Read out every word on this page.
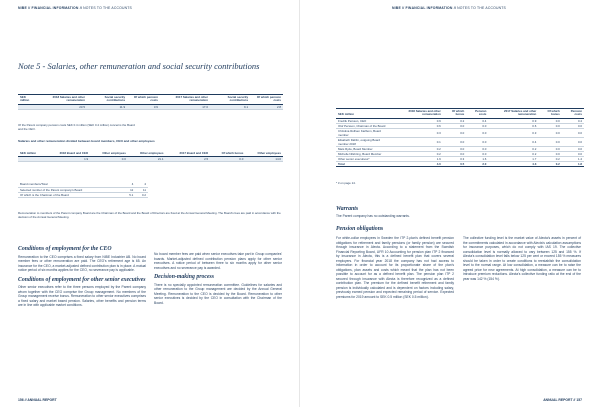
NIBE // FINANCIAL INFORMATION // NOTES TO THE ACCOUNTS
Note 5 - Salaries, other remuneration and social security contributions
SEK million	2018 Salaries and other remuneration	Social security contributions	Of which pension costs	2017 Salaries and other remuneration	Social security contributions	Of which pension costs
	23.5	11.9	3.9	17.0	9.1	2.8
Of the Parent company pension costs SEK 0.4 million (SEK 0.4 million) concerns the Board and the CEO.
Salaries and other remuneration divided between board members, CEO and other employees
SEK million	2018 Board and CEO	Other employees	Other employees	2017 Board and CEO	Of which bonus	Other employees
	1.9	0.0	21.1	2.5	0.0	14.6
Board members/Total	4	4
Selected number of the Parent company's Board	12	11
Of which is the Chairman of the Board	5.1	0.2
Remuneration to members of the Parent company Board are the Chairman of the Board and the Board of Directors are fixed at the Annual General Meeting. The Board's fees are paid in accordance with the decision of the Annual General Meeting.
Conditions of employment for the CEO

Remuneration to the CEO comprises a fixed salary from NIBE Industrier AB. No board member fees or other remuneration are paid. The CEO's retirement age is 65. An insurance for the CEO, a market-adjusted defined contribution plan is in place. A mutual notice period of six months applies for the CEO, no severance pay is applicable.

Conditions of employment for other senior executives

Other senior executives refer to the three persons employed by the Parent company whom together with the CEO comprise the Group management. No members of the Group management receive bonus. Remuneration to other senior executives comprises a fixed salary and market based pension. Salaries, other benefits and pension terms are in line with applicable market conditions.

No board member fees are paid when senior executives take part in Group companies' boards. Market-adjusted defined contribution pension plans apply for other senior executives. A notice period of between three to six months apply for other senior executives and no severance pay is awarded.

Decision-making process

There is no specially appointed remuneration committee. Guidelines for salaries and other remuneration to the Group management are decided by the Annual General Meeting. Remuneration to the CEO is decided by the Board. Remuneration to other senior executives is decided by the CEO in consultation with the Chairman of the Board.

156 // ANNUAL REPORT
NIBE // FINANCIAL INFORMATION // NOTES TO THE ACCOUNTS
SEK million	2018 Salaries and other remuneration	Of which bonus	Pension costs	2017 Salaries and other remuneration	Of which bonus	Pension costs
Fredrik Persson, CEO	0.9	0.2	0.4	0.9	0.0	0.4
Olof Persson, Chairman of the Board	0.6	0.0	0.0	0.6	0.0	0.0
Christina Rolfsen Karlbom, Board member	0.3	0.0	0.0	0.3	0.0	0.0
Elisabeth Dahlin, outgoing Board member 2018	0.1	0.0	0.0	0.4	0.0	0.0
Mats Ryde, Board Member	0.2	0.0	0.0	0.2	0.0	0.0
Michelle Nilsbring, Board Member	0.2	0.0	0.0	0.2	0.0	0.0
Other senior executives*	1.9	0.3	1.6	1.7	0.2	1.4
Total	4.0	0.5	2.0	4.3	0.2	1.8
* 3 on page 14.
Warrants
The Parent company has no outstanding warrants.
Pension obligations
For white-collar employees in Sweden the ITP 2-plan's defined benefit pension obligations for retirement and family pensions (or family pension) are secured through insurance in Alecta. According to a statement from the Swedish Financial Reporting Board, UFR 10 Accounting for pension plan ITP 2 financed by insurance in Alecta, this is a defined benefit plan that covers several employers. For financial year 2018 the company has not had access to information in order to account for its proportionate share of the plan's obligations, plan assets and costs which meant that the plan has not been possible to account for as a defined benefit plan. The pension plan ITP 2 secured through insurance with Alecta is therefore recognized as a defined contribution plan. The premium for the defined benefit retirement and family pension is individually calculated and is dependent on factors including salary, previously earned pension and expected remaining period of service. Expected premiums for 2019 amount to SEK 0.5 million (SEK 0.5 million).
The collective funding level is the market value of Alecta's assets in percent of the commitments calculated in accordance with Alecta's calculation assumptions for insurance purposes, which do not comply with IAS 19. The collective consolidation level is normally allowed to vary between 125 and 155 %. If Alecta's consolidation level falls below 125 per cent or exceed 155 % measures should be taken in order to create conditions to reestablish the consolidation level to the normal range. At low consolidation, a measure can be to raise the agreed price for new agreements. At high consolidation, a measure can be to introduce premium reductions. Alecta's collective funding ratio at the end of the year was 142 % (154 %).
ANNUAL REPORT // 157
